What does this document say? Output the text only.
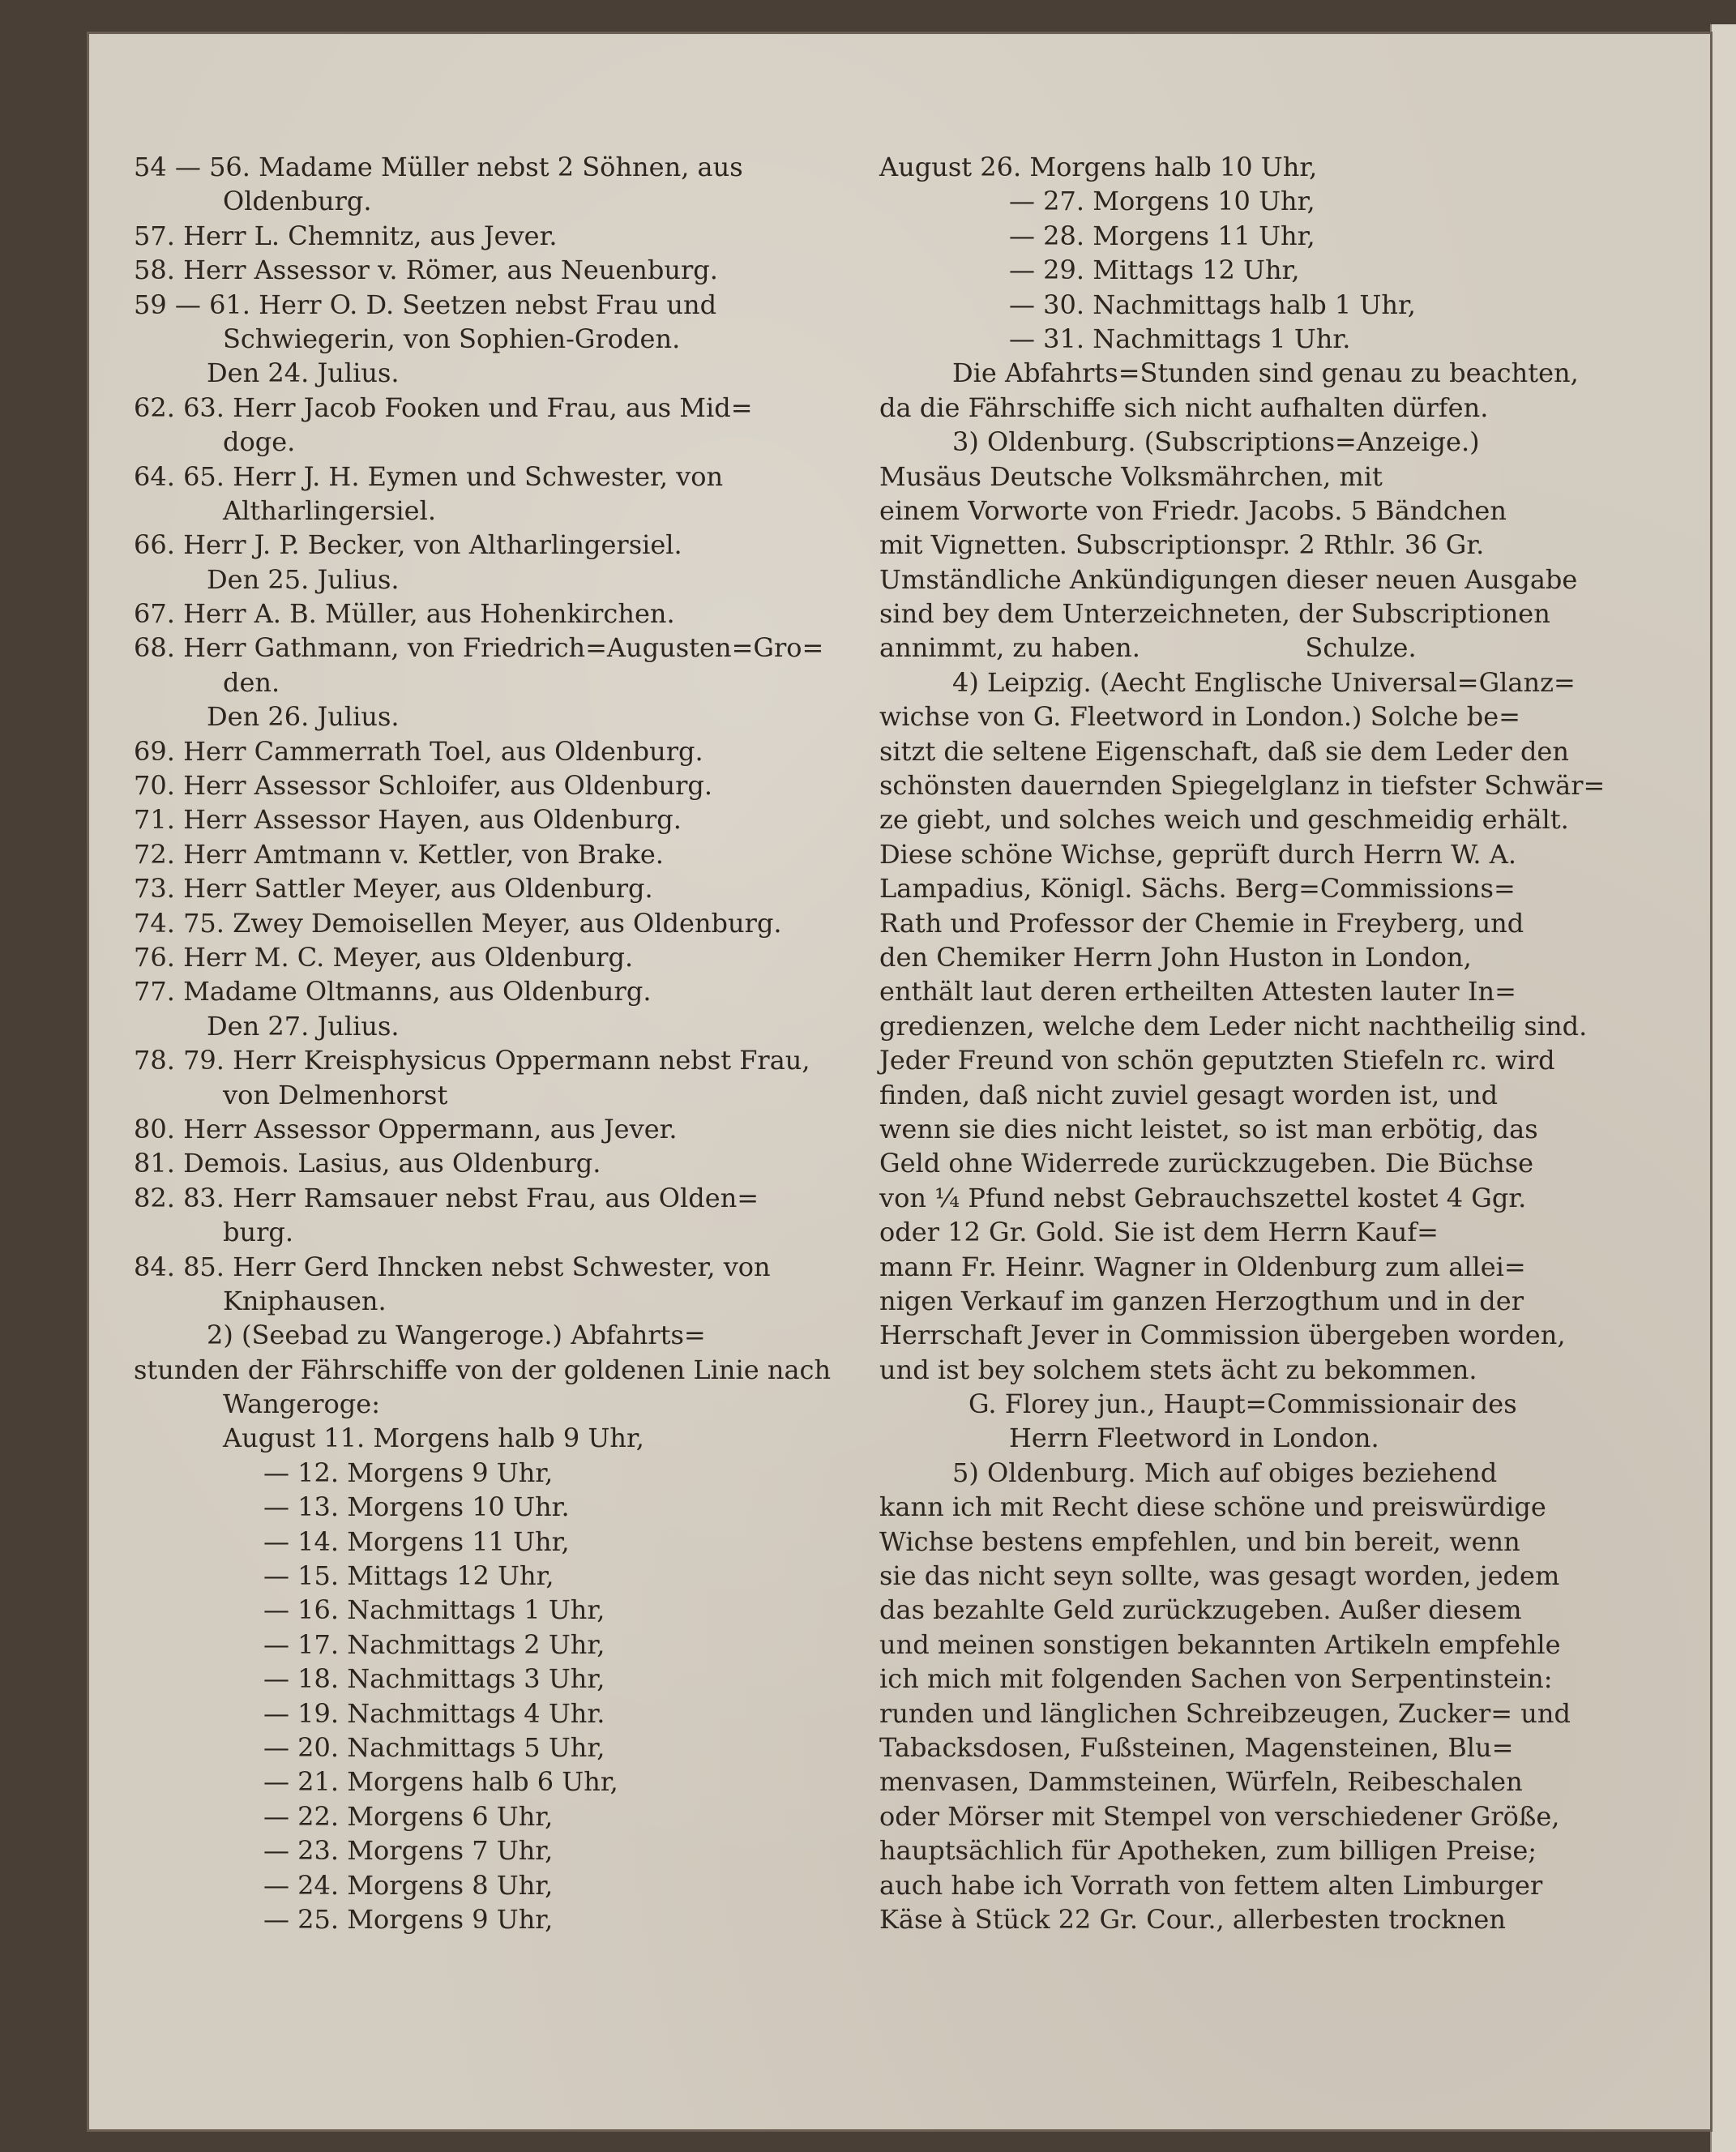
54 — 56. Madame Müller nebst 2 Söhnen, aus
Oldenburg.
57. Herr L. Chemnitz, aus Jever.
58. Herr Assessor v. Römer, aus Neuenburg.
59 — 61. Herr O. D. Seetzen nebst Frau und
Schwiegerin, von Sophien-Groden.
Den 24. Julius.
62. 63. Herr Jacob Fooken und Frau, aus Mid=
doge.
64. 65. Herr J. H. Eymen und Schwester, von
Altharlingersiel.
66. Herr J. P. Becker, von Altharlingersiel.
Den 25. Julius.
67. Herr A. B. Müller, aus Hohenkirchen.
68. Herr Gathmann, von Friedrich=Augusten=Gro=
den.
Den 26. Julius.
69. Herr Cammerrath Toel, aus Oldenburg.
70. Herr Assessor Schloifer, aus Oldenburg.
71. Herr Assessor Hayen, aus Oldenburg.
72. Herr Amtmann v. Kettler, von Brake.
73. Herr Sattler Meyer, aus Oldenburg.
74. 75. Zwey Demoisellen Meyer, aus Oldenburg.
76. Herr M. C. Meyer, aus Oldenburg.
77. Madame Oltmanns, aus Oldenburg.
Den 27. Julius.
78. 79. Herr Kreisphysicus Oppermann nebst Frau,
von Delmenhorst
80. Herr Assessor Oppermann, aus Jever.
81. Demois. Lasius, aus Oldenburg.
82. 83. Herr Ramsauer nebst Frau, aus Olden=
burg.
84. 85. Herr Gerd Ihncken nebst Schwester, von
Kniphausen.
2) (Seebad zu Wangeroge.) Abfahrts=
stunden der Fährschiffe von der goldenen Linie nach
Wangeroge:
August 11. Morgens halb 9 Uhr,
— 12. Morgens 9 Uhr,
— 13. Morgens 10 Uhr.
— 14. Morgens 11 Uhr,
— 15. Mittags 12 Uhr,
— 16. Nachmittags 1 Uhr,
— 17. Nachmittags 2 Uhr,
— 18. Nachmittags 3 Uhr,
— 19. Nachmittags 4 Uhr.
— 20. Nachmittags 5 Uhr,
— 21. Morgens halb 6 Uhr,
— 22. Morgens 6 Uhr,
— 23. Morgens 7 Uhr,
— 24. Morgens 8 Uhr,
— 25. Morgens 9 Uhr,
August 26. Morgens halb 10 Uhr,
— 27. Morgens 10 Uhr,
— 28. Morgens 11 Uhr,
— 29. Mittags 12 Uhr,
— 30. Nachmittags halb 1 Uhr,
— 31. Nachmittags 1 Uhr.
Die Abfahrts=Stunden sind genau zu beachten,
da die Fährschiffe sich nicht aufhalten dürfen.
3) Oldenburg. (Subscriptions=Anzeige.)
Musäus Deutsche Volksmährchen, mit
einem Vorworte von Friedr. Jacobs. 5 Bändchen
mit Vignetten. Subscriptionspr. 2 Rthlr. 36 Gr.
Umständliche Ankündigungen dieser neuen Ausgabe
sind bey dem Unterzeichneten, der Subscriptionen
annimmt, zu haben.                    Schulze.
4) Leipzig. (Aecht Englische Universal=Glanz=
wichse von G. Fleetword in London.) Solche be=
sitzt die seltene Eigenschaft, daß sie dem Leder den
schönsten dauernden Spiegelglanz in tiefster Schwär=
ze giebt, und solches weich und geschmeidig erhält.
Diese schöne Wichse, geprüft durch Herrn W. A.
Lampadius, Königl. Sächs. Berg=Commissions=
Rath und Professor der Chemie in Freyberg, und
den Chemiker Herrn John Huston in London,
enthält laut deren ertheilten Attesten lauter In=
gredienzen, welche dem Leder nicht nachtheilig sind.
Jeder Freund von schön geputzten Stiefeln rc. wird
finden, daß nicht zuviel gesagt worden ist, und
wenn sie dies nicht leistet, so ist man erbötig, das
Geld ohne Widerrede zurückzugeben. Die Büchse
von ¼ Pfund nebst Gebrauchszettel kostet 4 Ggr.
oder 12 Gr. Gold. Sie ist dem Herrn Kauf=
mann Fr. Heinr. Wagner in Oldenburg zum allei=
nigen Verkauf im ganzen Herzogthum und in der
Herrschaft Jever in Commission übergeben worden,
und ist bey solchem stets ächt zu bekommen.
G. Florey jun., Haupt=Commissionair des
Herrn Fleetword in London.
5) Oldenburg. Mich auf obiges beziehend
kann ich mit Recht diese schöne und preiswürdige
Wichse bestens empfehlen, und bin bereit, wenn
sie das nicht seyn sollte, was gesagt worden, jedem
das bezahlte Geld zurückzugeben. Außer diesem
und meinen sonstigen bekannten Artikeln empfehle
ich mich mit folgenden Sachen von Serpentinstein:
runden und länglichen Schreibzeugen, Zucker= und
Tabacksdosen, Fußsteinen, Magensteinen, Blu=
menvasen, Dammsteinen, Würfeln, Reibeschalen
oder Mörser mit Stempel von verschiedener Größe,
hauptsächlich für Apotheken, zum billigen Preise;
auch habe ich Vorrath von fettem alten Limburger
Käse à Stück 22 Gr. Cour., allerbesten trocknen
